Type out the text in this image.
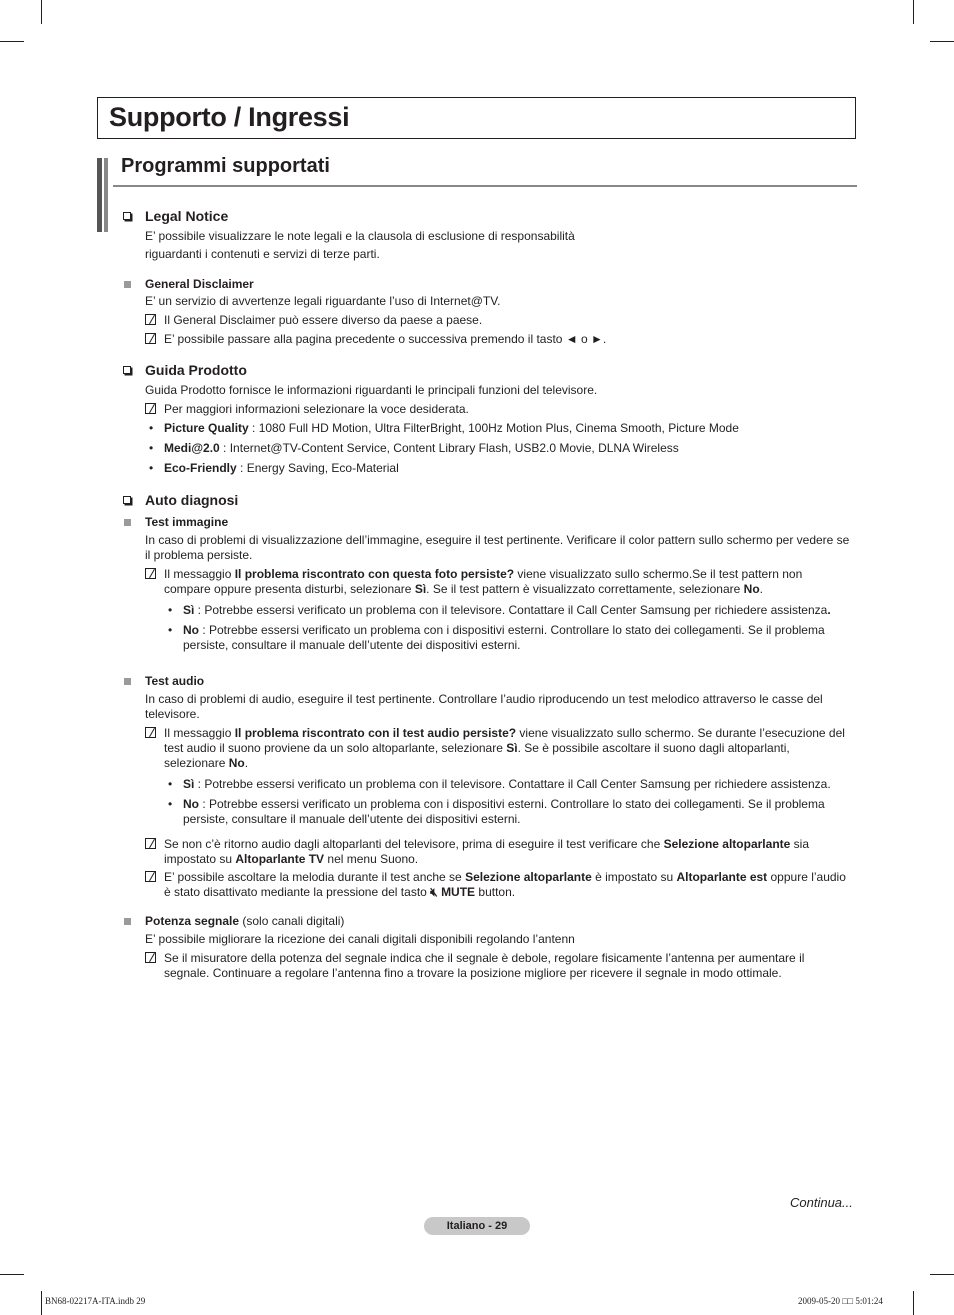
Supporto / Ingressi
Programmi supportati
Legal Notice
E’ possibile visualizzare le note legali e la clausola di esclusione di responsabilità
riguardanti i contenuti e servizi di terze parti.
General Disclaimer
E’ un servizio di avvertenze legali riguardante l’uso di Internet@TV.
Il General Disclaimer può essere diverso da paese a paese.
E’ possibile passare alla pagina precedente o successiva premendo il tasto ◄ o ►.
Guida Prodotto
Guida Prodotto fornisce le informazioni riguardanti le principali funzioni del televisore.
Per maggiori informazioni selezionare la voce desiderata.
• Picture Quality : 1080 Full HD Motion, Ultra FilterBright, 100Hz Motion Plus, Cinema Smooth, Picture Mode
• Medi@2.0 : Internet@TV-Content Service, Content Library Flash, USB2.0 Movie, DLNA Wireless
• Eco-Friendly : Energy Saving, Eco-Material
Auto diagnosi
Test immagine
In caso di problemi di visualizzazione dell’immagine, eseguire il test pertinente. Verificare il color pattern sullo schermo per vedere se il problema persiste.
Il messaggio Il problema riscontrato con questa foto persiste? viene visualizzato sullo schermo.Se il test pattern non compare oppure presenta disturbi, selezionare Sì. Se il test pattern è visualizzato correttamente, selezionare No.
• Sì : Potrebbe essersi verificato un problema con il televisore. Contattare il Call Center Samsung per richiedere assistenza.
• No : Potrebbe essersi verificato un problema con i dispositivi esterni. Controllare lo stato dei collegamenti. Se il problema persiste, consultare il manuale dell’utente dei dispositivi esterni.
Test audio
In caso di problemi di audio, eseguire il test pertinente. Controllare l’audio riproducendo un test melodico attraverso le casse del televisore.
Il messaggio Il problema riscontrato con il test audio persiste? viene visualizzato sullo schermo. Se durante l’esecuzione del test audio il suono proviene da un solo altoparlante, selezionare Sì. Se è possibile ascoltare il suono dagli altoparlanti, selezionare No.
• Sì : Potrebbe essersi verificato un problema con il televisore. Contattare il Call Center Samsung per richiedere assistenza.
• No : Potrebbe essersi verificato un problema con i dispositivi esterni. Controllare lo stato dei collegamenti. Se il problema persiste, consultare il manuale dell’utente dei dispositivi esterni.
Se non c’è ritorno audio dagli altoparlanti del televisore, prima di eseguire il test verificare che Selezione altoparlante sia impostato su Altoparlante TV nel menu Suono.
E’ possibile ascoltare la melodia durante il test anche se Selezione altoparlante è impostato su Altoparlante est oppure l’audio è stato disattivato mediante la pressione del tasto 🔇︎ MUTE button.
Potenza segnale (solo canali digitali)
E’ possibile migliorare la ricezione dei canali digitali disponibili regolando l’antenn
Se il misuratore della potenza del segnale indica che il segnale è debole, regolare fisicamente l’antenna per aumentare il segnale. Continuare a regolare l’antenna fino a trovare la posizione migliore per ricevere il segnale in modo ottimale.
Continua...
Italiano - 29
BN68-02217A-ITA.indb 29	2009-05-20 □□ 5:01:24
